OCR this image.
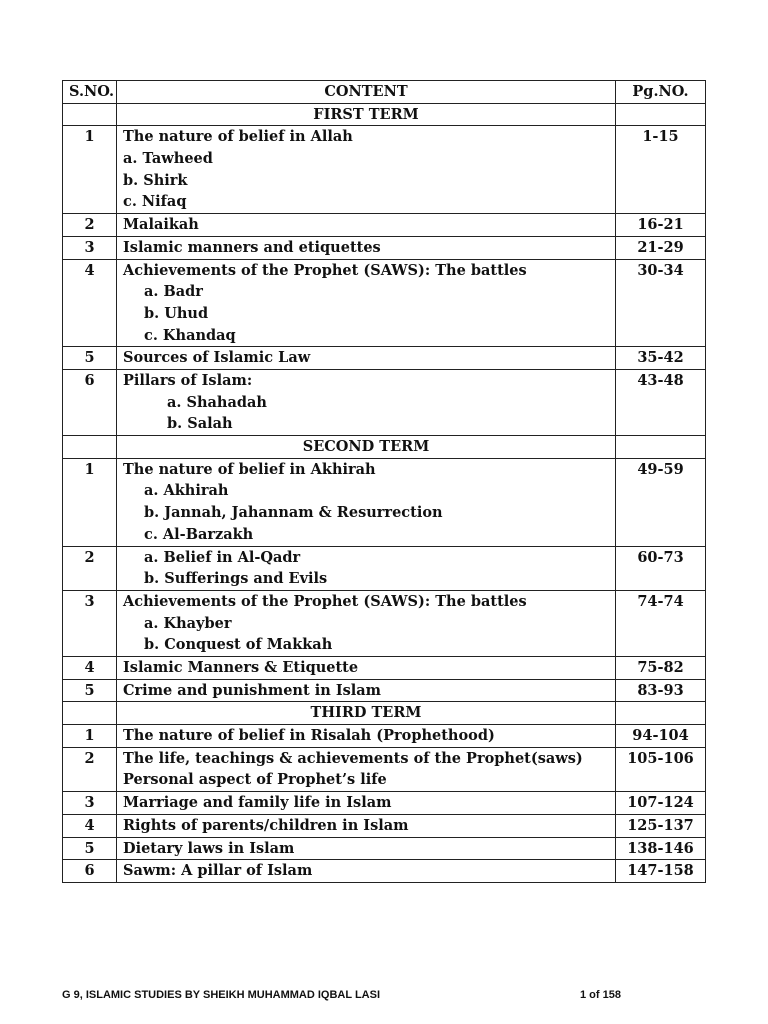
S.NO.	CONTENT	Pg.NO.
	FIRST TERM	
1	The nature of belief in Allah
a. Tawheed
b. Shirk
c. Nifaq	1-15
2	Malaikah	16-21
3	Islamic manners and etiquettes	21-29
4	Achievements of the Prophet (SAWS): The battles
a. Badr
b. Uhud
c. Khandaq	30-34
5	Sources of Islamic Law	35-42
6	Pillars of Islam:
a. Shahadah
b. Salah	43-48
	SECOND TERM	
1	The nature of belief in Akhirah
a. Akhirah
b. Jannah, Jahannam & Resurrection
c. Al-Barzakh	49-59
2	a. Belief in Al-Qadr
b. Sufferings and Evils	60-73
3	Achievements of the Prophet (SAWS): The battles
a. Khayber
b. Conquest of Makkah	74-74
4	Islamic Manners & Etiquette	75-82
5	Crime and punishment in Islam	83-93
	THIRD TERM	
1	The nature of belief in Risalah (Prophethood)	94-104
2	The life, teachings & achievements of the Prophet(saws)
Personal aspect of Prophet’s life	105-106
3	Marriage and family life in Islam	107-124
4	Rights of parents/children in Islam	125-137
5	Dietary laws in Islam	138-146
6	Sawm: A pillar of Islam	147-158
G 9, ISLAMIC STUDIES BY SHEIKH MUHAMMAD IQBAL LASI	1 of 158
